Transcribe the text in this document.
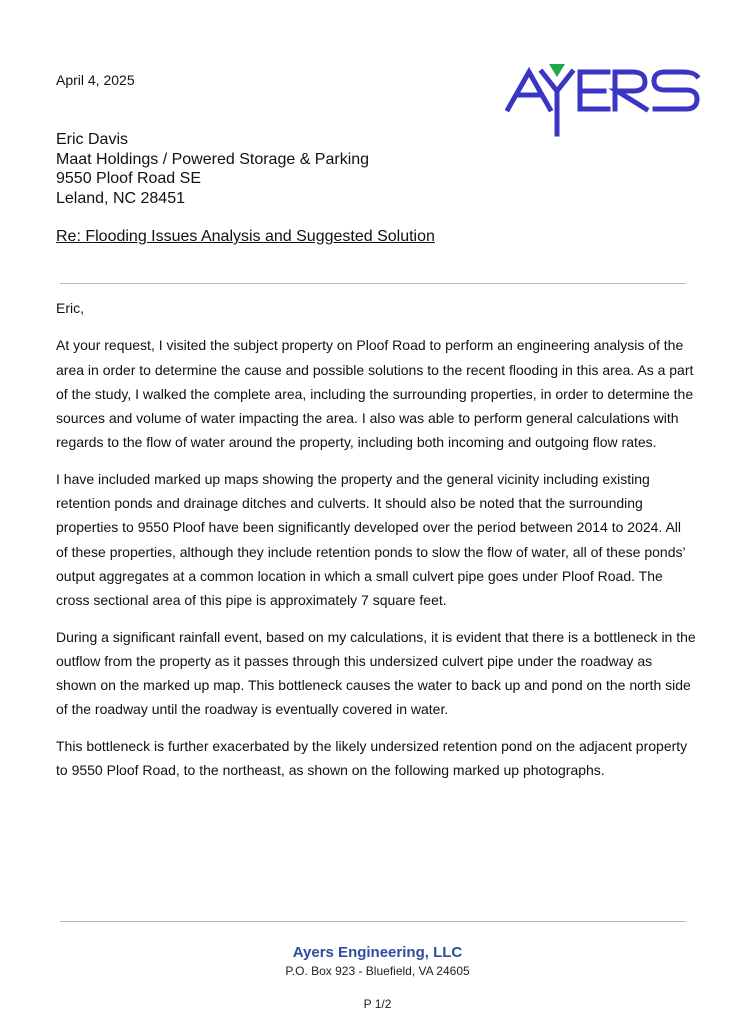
April 4, 2025
Eric Davis
Maat Holdings / Powered Storage & Parking
9550 Ploof Road SE
Leland, NC 28451
Re: Flooding Issues Analysis and Suggested Solution

Eric,

At your request, I visited the subject property on Ploof Road to perform an engineering analysis of the area in order to determine the cause and possible solutions to the recent flooding in this area. As a part of the study, I walked the complete area, including the surrounding properties, in order to determine the sources and volume of water impacting the area. I also was able to perform general calculations with regards to the flow of water around the property, including both incoming and outgoing flow rates.

I have included marked up maps showing the property and the general vicinity including existing retention ponds and drainage ditches and culverts. It should also be noted that the surrounding properties to 9550 Ploof have been significantly developed over the period between 2014 to 2024. All of these properties, although they include retention ponds to slow the flow of water, all of these ponds’ output aggregates at a common location in which a small culvert pipe goes under Ploof Road. The cross sectional area of this pipe is approximately 7 square feet.

During a significant rainfall event, based on my calculations, it is evident that there is a bottleneck in the outflow from the property as it passes through this undersized culvert pipe under the roadway as shown on the marked up map. This bottleneck causes the water to back up and pond on the north side of the roadway until the roadway is eventually covered in water.

This bottleneck is further exacerbated by the likely undersized retention pond on the adjacent property to 9550 Ploof Road, to the northeast, as shown on the following marked up photographs.

Ayers Engineering, LLC
P.O. Box 923 - Bluefield, VA 24605
P 1/2
